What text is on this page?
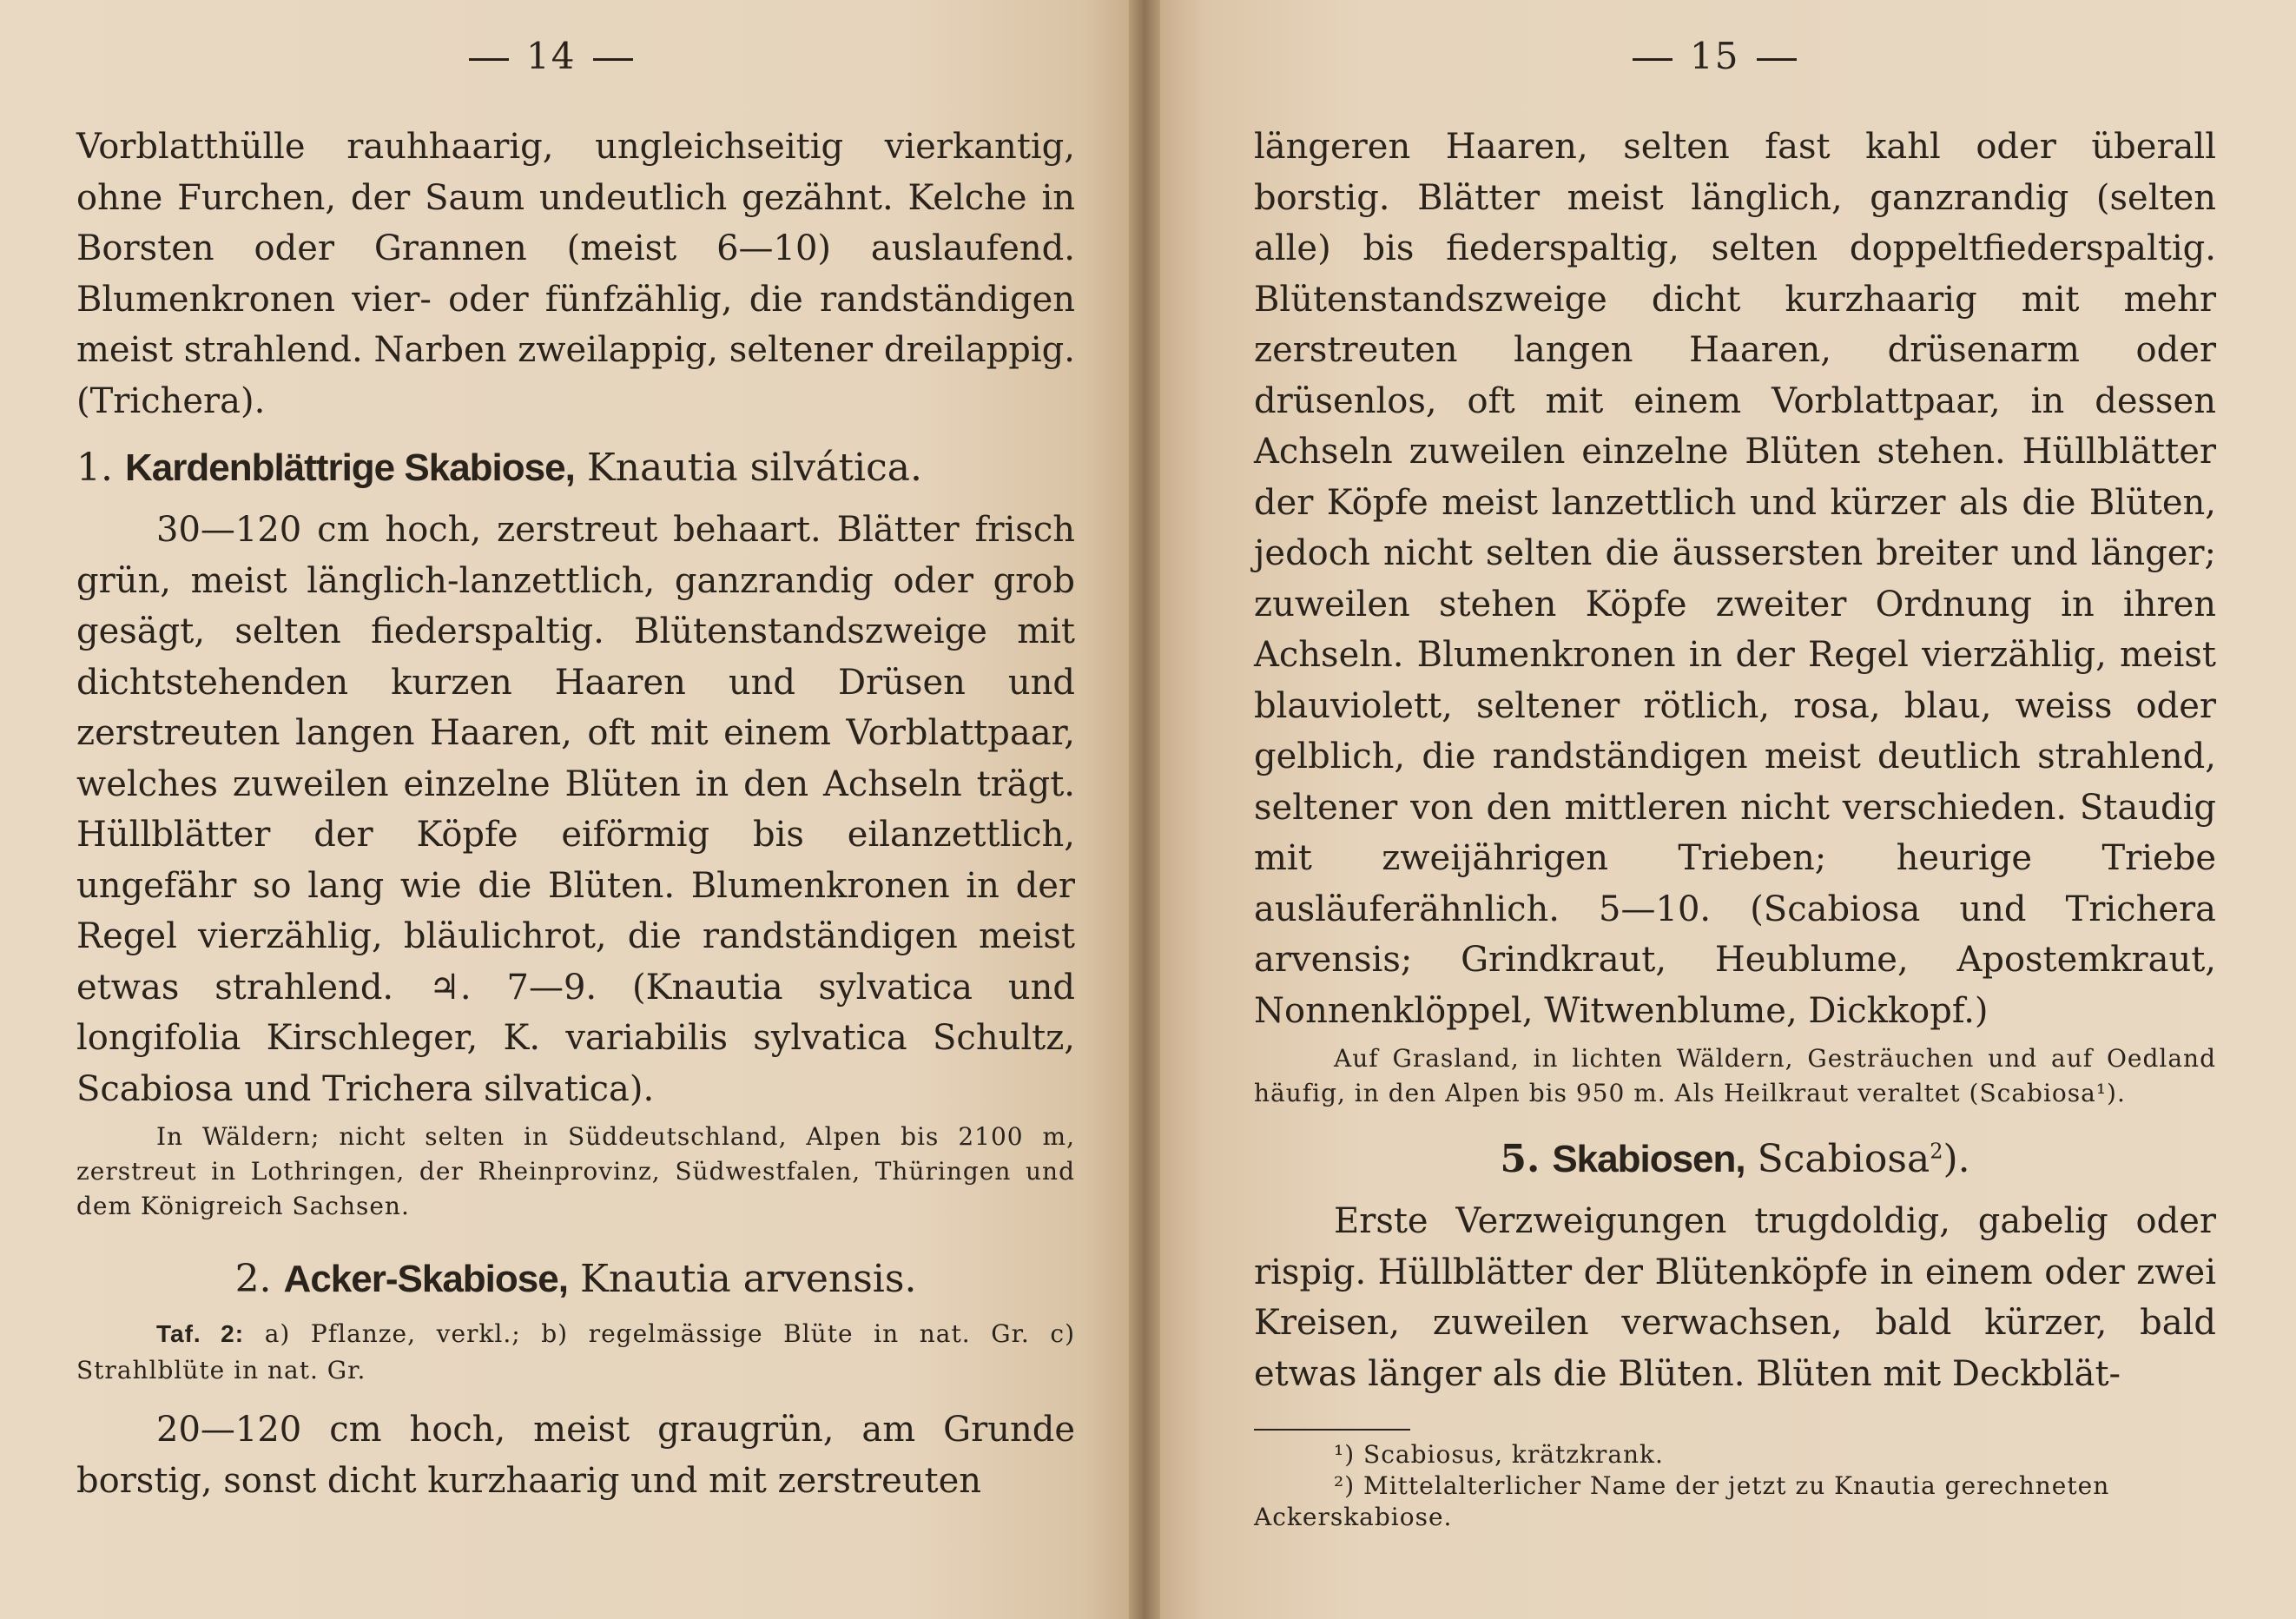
14

Vorblatthülle rauhhaarig, ungleichseitig vierkantig, ohne Furchen, der Saum undeutlich gezähnt. Kelche in Borsten oder Grannen (meist 6—10) auslaufend. Blumenkronen vier- oder fünfzählig, die randständigen meist strahlend. Narben zweilappig, seltener dreilappig. (Trichera).

1. Kardenblättrige Skabiose, Knautia silvática.

30—120 cm hoch, zerstreut behaart. Blätter frisch grün, meist länglich-lanzettlich, ganzrandig oder grob gesägt, selten fiederspaltig. Blütenstandszweige mit dichtstehenden kurzen Haaren und Drüsen und zerstreuten langen Haaren, oft mit einem Vorblattpaar, welches zuweilen einzelne Blüten in den Achseln trägt. Hüllblätter der Köpfe eiförmig bis eilanzettlich, ungefähr so lang wie die Blüten. Blumenkronen in der Regel vierzählig, bläulichrot, die randständigen meist etwas strahlend. ♃. 7—9. (Knautia sylvatica und longifolia Kirschleger, K. variabilis sylvatica Schultz, Scabiosa und Trichera silvatica).

In Wäldern; nicht selten in Süddeutschland, Alpen bis 2100 m, zerstreut in Lothringen, der Rheinprovinz, Südwestfalen, Thüringen und dem Königreich Sachsen.

2. Acker-Skabiose, Knautia arvensis.

Taf. 2: a) Pflanze, verkl.; b) regelmässige Blüte in nat. Gr. c) Strahlblüte in nat. Gr.

20—120 cm hoch, meist graugrün, am Grunde borstig, sonst dicht kurzhaarig und mit zerstreuten

15

längeren Haaren, selten fast kahl oder überall borstig. Blätter meist länglich, ganzrandig (selten alle) bis fiederspaltig, selten doppeltfiederspaltig. Blütenstandszweige dicht kurzhaarig mit mehr zerstreuten langen Haaren, drüsenarm oder drüsenlos, oft mit einem Vorblattpaar, in dessen Achseln zuweilen einzelne Blüten stehen. Hüllblätter der Köpfe meist lanzettlich und kürzer als die Blüten, jedoch nicht selten die äussersten breiter und länger; zuweilen stehen Köpfe zweiter Ordnung in ihren Achseln. Blumenkronen in der Regel vierzählig, meist blauviolett, seltener rötlich, rosa, blau, weiss oder gelblich, die randständigen meist deutlich strahlend, seltener von den mittleren nicht verschieden. Staudig mit zweijährigen Trieben; heurige Triebe ausläuferähnlich. 5—10. (Scabiosa und Trichera arvensis; Grindkraut, Heublume, Apostemkraut, Nonnenklöppel, Witwenblume, Dickkopf.)

Auf Grasland, in lichten Wäldern, Gesträuchen und auf Oedland häufig, in den Alpen bis 950 m. Als Heilkraut veraltet (Scabiosa¹).

5. Skabiosen, Scabiosa$^2$).

Erste Verzweigungen trugdoldig, gabelig oder rispig. Hüllblätter der Blütenköpfe in einem oder zwei Kreisen, zuweilen verwachsen, bald kürzer, bald etwas länger als die Blüten. Blüten mit Deckblät-

¹) Scabiosus, krätzkrank.
²) Mittelalterlicher Name der jetzt zu Knautia gerechneten Ackerskabiose.
